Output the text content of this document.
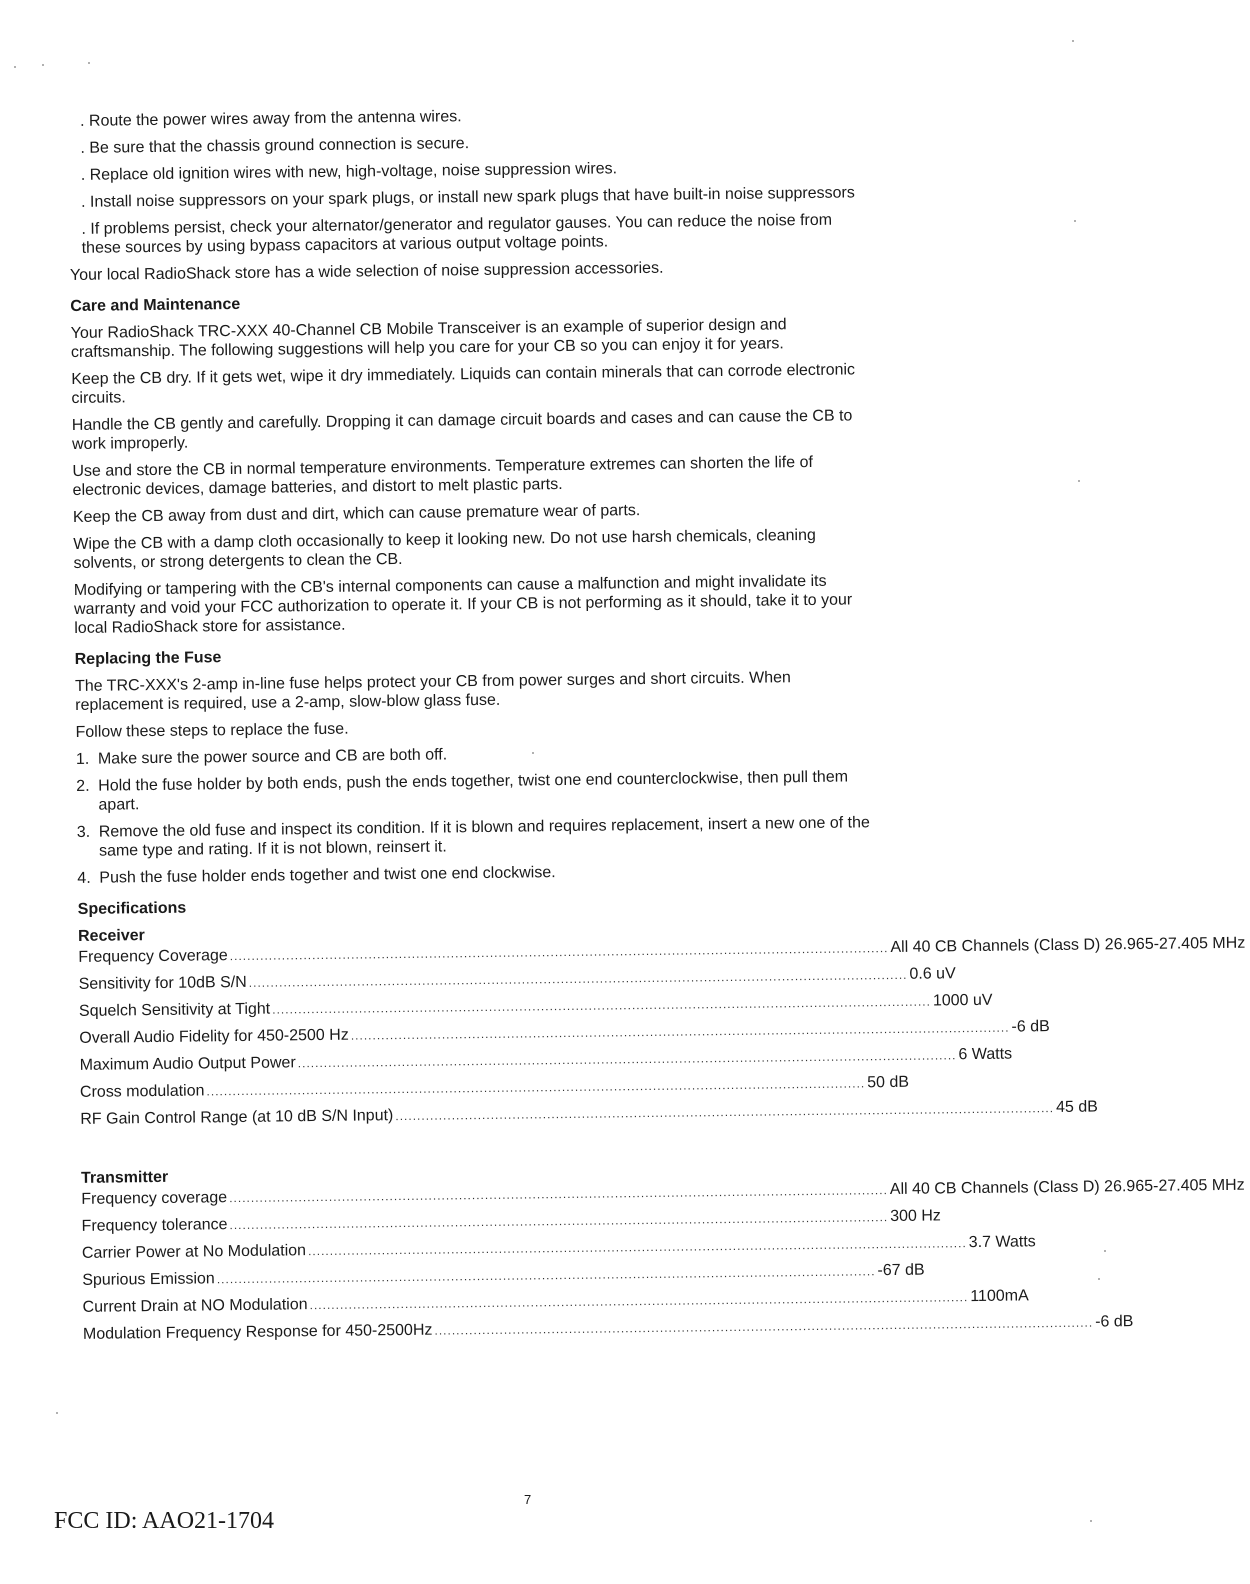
. Route the power wires away from the antenna wires.
. Be sure that the chassis ground connection is secure.
. Replace old ignition wires with new, high-voltage, noise suppression wires.
. Install noise suppressors on your spark plugs, or install new spark plugs that have built-in noise suppressors
. If problems persist, check your alternator/generator and regulator gauses. You can reduce the noise from these sources by using bypass capacitors at various output voltage points.

Your local RadioShack store has a wide selection of noise suppression accessories.

Care and Maintenance

Your RadioShack TRC-XXX 40-Channel CB Mobile Transceiver is an example of superior design and craftsmanship. The following suggestions will help you care for your CB so you can enjoy it for years.

Keep the CB dry. If it gets wet, wipe it dry immediately. Liquids can contain minerals that can corrode electronic circuits.

Handle the CB gently and carefully. Dropping it can damage circuit boards and cases and can cause the CB to work improperly.

Use and store the CB in normal temperature environments. Temperature extremes can shorten the life of electronic devices, damage batteries, and distort to melt plastic parts.

Keep the CB away from dust and dirt, which can cause premature wear of parts.

Wipe the CB with a damp cloth occasionally to keep it looking new. Do not use harsh chemicals, cleaning solvents, or strong detergents to clean the CB.

Modifying or tampering with the CB's internal components can cause a malfunction and might invalidate its warranty and void your FCC authorization to operate it. If your CB is not performing as it should, take it to your local RadioShack store for assistance.

Replacing the Fuse

The TRC-XXX's 2-amp in-line fuse helps protect your CB from power surges and short circuits. When replacement is required, use a 2-amp, slow-blow glass fuse.

Follow these steps to replace the fuse.

1. Make sure the power source and CB are both off.
2. Hold the fuse holder by both ends, push the ends together, twist one end counterclockwise, then pull them apart.
3. Remove the old fuse and inspect its condition. If it is blown and requires replacement, insert a new one of the same type and rating. If it is not blown, reinsert it.
4. Push the fuse holder ends together and twist one end clockwise.
Specifications
Receiver
Frequency Coverage ........................................................................................................................................................ All 40 CB Channels (Class D) 26.965-27.405 MHz
Sensitivity for 10dB S/N ........................................................................................................................................................ 0.6 uV
Squelch Sensitivity at Tight ........................................................................................................................................................ 1000 uV
Overall Audio Fidelity for 450-2500 Hz ........................................................................................................................................................ -6 dB
Maximum Audio Output Power ........................................................................................................................................................ 6 Watts
Cross modulation ........................................................................................................................................................ 50 dB
RF Gain Control Range (at 10 dB S/N Input) ........................................................................................................................................................ 45 dB
Transmitter
Frequency coverage ........................................................................................................................................................ All 40 CB Channels (Class D) 26.965-27.405 MHz
Frequency tolerance ........................................................................................................................................................ 300 Hz
Carrier Power at No Modulation ........................................................................................................................................................ 3.7 Watts
Spurious Emission ........................................................................................................................................................ -67 dB
Current Drain at NO Modulation ........................................................................................................................................................ 1100mA
Modulation Frequency Response for 450-2500Hz ........................................................................................................................................................ -6 dB
7
FCC ID: AAO21-1704
